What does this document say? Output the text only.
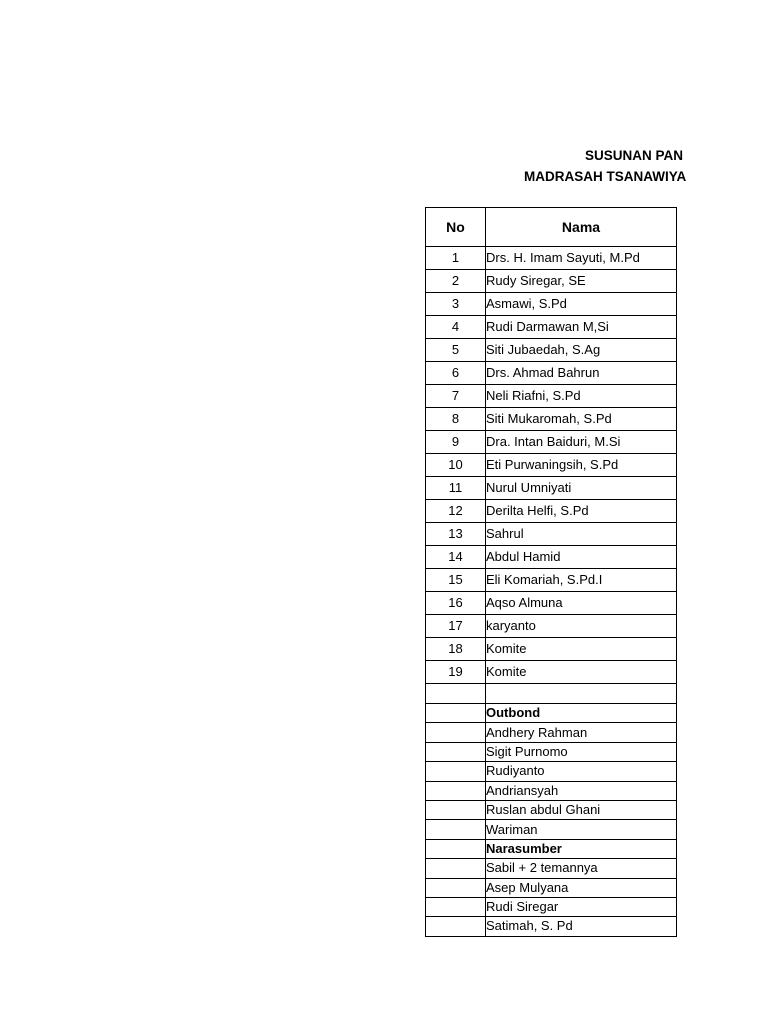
SUSUNAN PAN
MADRASAH TSANAWIYA
No	Nama
1	Drs. H. Imam Sayuti, M.Pd
2	Rudy Siregar, SE
3	Asmawi, S.Pd
4	Rudi Darmawan M,Si
5	Siti Jubaedah, S.Ag
6	Drs. Ahmad Bahrun
7	Neli Riafni, S.Pd
8	Siti Mukaromah, S.Pd
9	Dra. Intan Baiduri, M.Si
10	Eti Purwaningsih, S.Pd
11	Nurul Umniyati
12	Derilta Helfi, S.Pd
13	Sahrul
14	Abdul Hamid
15	Eli Komariah, S.Pd.I
16	Aqso Almuna
17	karyanto
18	Komite
19	Komite

	Outbond
	Andhery Rahman
	Sigit Purnomo
	Rudiyanto
	Andriansyah
	Ruslan abdul Ghani
	Wariman
	Narasumber
	Sabil + 2 temannya
	Asep Mulyana
	Rudi Siregar
	Satimah, S. Pd
